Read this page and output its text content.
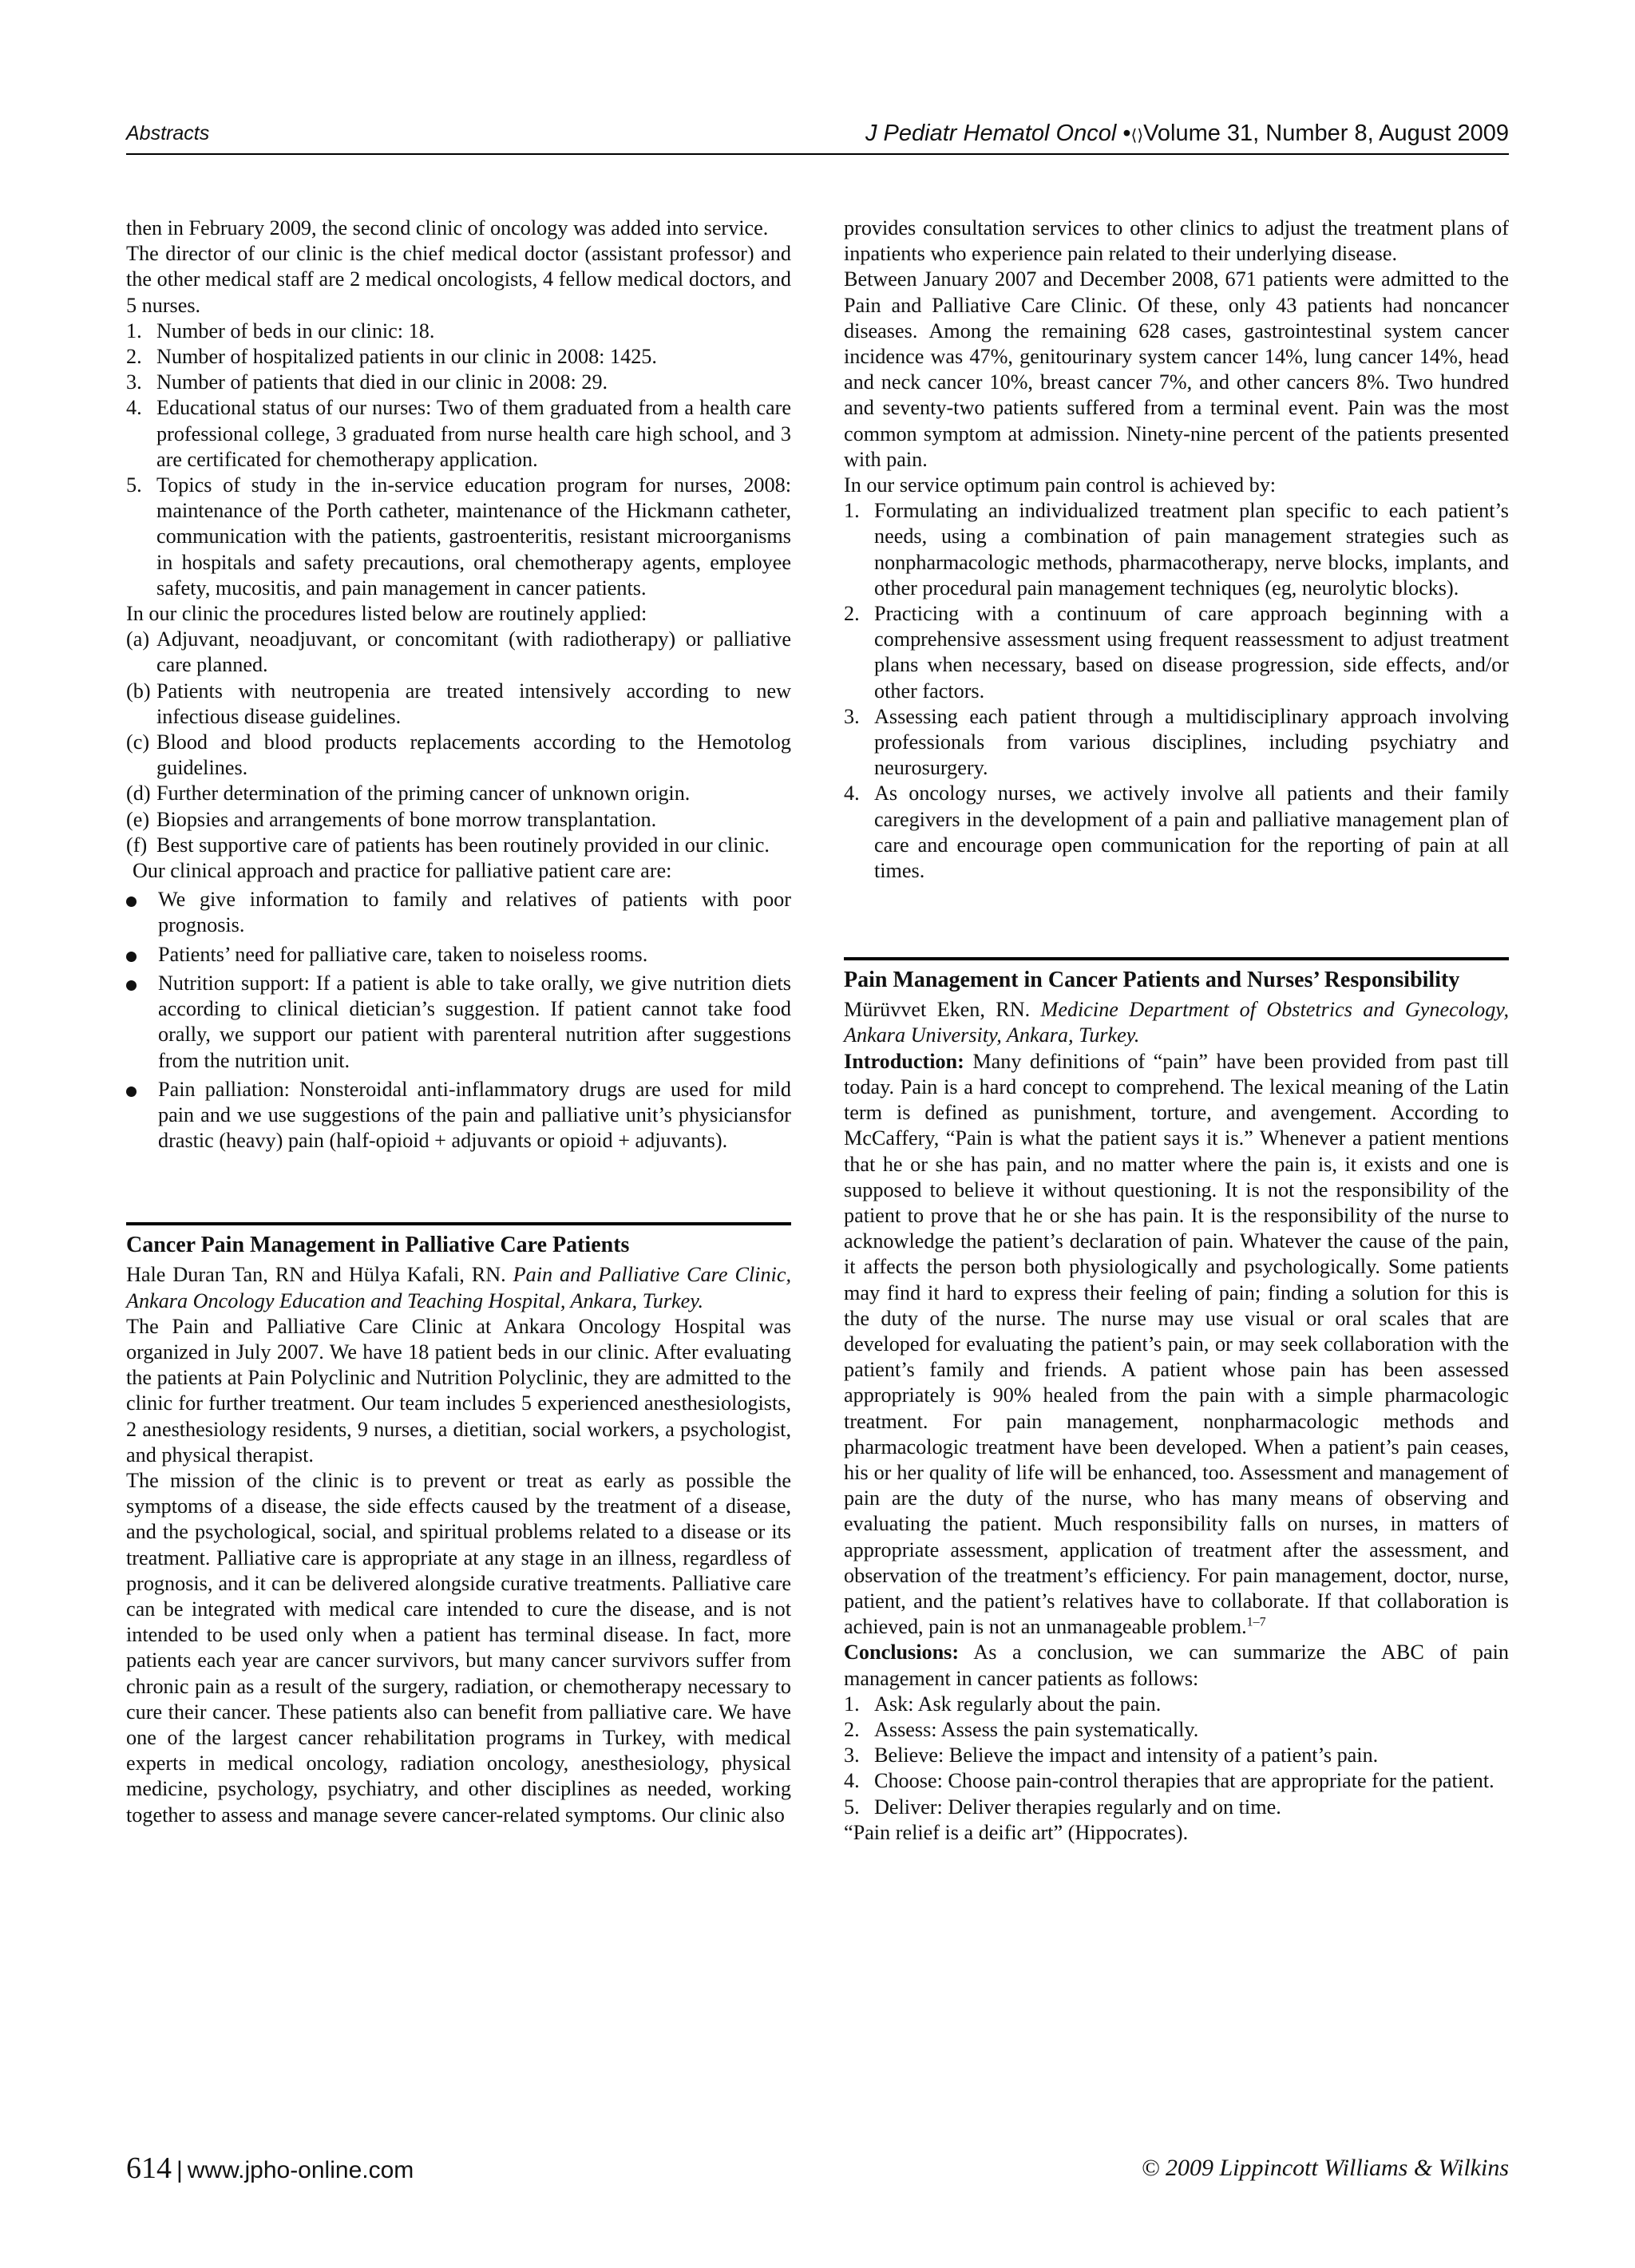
Abstracts	J Pediatr Hematol Oncol •⟨⟩Volume 31, Number 8, August 2009

then in February 2009, the second clinic of oncology was added into service.

The director of our clinic is the chief medical doctor (assistant professor) and the other medical staff are 2 medical oncologists, 4 fellow medical doctors, and 5 nurses.

1. Number of beds in our clinic: 18.
2. Number of hospitalized patients in our clinic in 2008: 1425.
3. Number of patients that died in our clinic in 2008: 29.
4. Educational status of our nurses: Two of them graduated from a health care professional college, 3 graduated from nurse health care high school, and 3 are certificated for chemotherapy application.
5. Topics of study in the in-service education program for nurses, 2008: maintenance of the Porth catheter, maintenance of the Hickmann catheter, communication with the patients, gastroenteritis, resistant microorganisms in hospitals and safety precautions, oral chemotherapy agents, employee safety, mucositis, and pain management in cancer patients.

In our clinic the procedures listed below are routinely applied:

(a) Adjuvant, neoadjuvant, or concomitant (with radiotherapy) or palliative care planned.
(b) Patients with neutropenia are treated intensively according to new infectious disease guidelines.
(c) Blood and blood products replacements according to the Hemotolog guidelines.
(d) Further determination of the priming cancer of unknown origin.
(e) Biopsies and arrangements of bone morrow transplantation.
(f) Best supportive care of patients has been routinely provided in our clinic.

Our clinical approach and practice for palliative patient care are:

We give information to family and relatives of patients with poor prognosis.
Patients’ need for palliative care, taken to noiseless rooms.
Nutrition support: If a patient is able to take orally, we give nutrition diets according to clinical dietician’s suggestion. If patient cannot take food orally, we support our patient with parenteral nutrition after suggestions from the nutrition unit.
Pain palliation: Nonsteroidal anti-inflammatory drugs are used for mild pain and we use suggestions of the pain and palliative unit’s physiciansfor drastic (heavy) pain (half-opioid + adjuvants or opioid + adjuvants).
Cancer Pain Management in Palliative Care Patients

Hale Duran Tan, RN and Hülya Kafali, RN. Pain and Palliative Care Clinic, Ankara Oncology Education and Teaching Hospital, Ankara, Turkey.

The Pain and Palliative Care Clinic at Ankara Oncology Hospital was organized in July 2007. We have 18 patient beds in our clinic. After evaluating the patients at Pain Polyclinic and Nutrition Polyclinic, they are admitted to the clinic for further treatment. Our team includes 5 experienced anesthesiologists, 2 anesthesiology residents, 9 nurses, a dietitian, social workers, a psychologist, and physical therapist.

The mission of the clinic is to prevent or treat as early as possible the symptoms of a disease, the side effects caused by the treatment of a disease, and the psychological, social, and spiritual problems related to a disease or its treatment. Palliative care is appropriate at any stage in an illness, regardless of prognosis, and it can be delivered alongside curative treatments. Palliative care can be integrated with medical care intended to cure the disease, and is not intended to be used only when a patient has terminal disease. In fact, more patients each year are cancer survivors, but many cancer survivors suffer from chronic pain as a result of the surgery, radiation, or chemotherapy necessary to cure their cancer. These patients also can benefit from palliative care. We have one of the largest cancer rehabilitation programs in Turkey, with medical experts in medical oncology, radiation oncology, anesthesiology, physical medicine, psychology, psychiatry, and other disciplines as needed, working together to assess and manage severe cancer-related symptoms. Our clinic also

provides consultation services to other clinics to adjust the treatment plans of inpatients who experience pain related to their underlying disease.

Between January 2007 and December 2008, 671 patients were admitted to the Pain and Palliative Care Clinic. Of these, only 43 patients had noncancer diseases. Among the remaining 628 cases, gastrointestinal system cancer incidence was 47%, genitourinary system cancer 14%, lung cancer 14%, head and neck cancer 10%, breast cancer 7%, and other cancers 8%. Two hundred and seventy-two patients suffered from a terminal event. Pain was the most common symptom at admission. Ninety-nine percent of the patients presented with pain.

In our service optimum pain control is achieved by:

1. Formulating an individualized treatment plan specific to each patient’s needs, using a combination of pain management strategies such as nonpharmacologic methods, pharmacotherapy, nerve blocks, implants, and other procedural pain management techniques (eg, neurolytic blocks).
2. Practicing with a continuum of care approach beginning with a comprehensive assessment using frequent reassessment to adjust treatment plans when necessary, based on disease progression, side effects, and/or other factors.
3. Assessing each patient through a multidisciplinary approach involving professionals from various disciplines, including psychiatry and neurosurgery.
4. As oncology nurses, we actively involve all patients and their family caregivers in the development of a pain and palliative management plan of care and encourage open communication for the reporting of pain at all times.
Pain Management in Cancer Patients and Nurses’ Responsibility

Mürüvvet Eken, RN. Medicine Department of Obstetrics and Gynecology, Ankara University, Ankara, Turkey.

Introduction: Many definitions of “pain” have been provided from past till today. Pain is a hard concept to comprehend. The lexical meaning of the Latin term is defined as punishment, torture, and avengement. According to McCaffery, “Pain is what the patient says it is.” Whenever a patient mentions that he or she has pain, and no matter where the pain is, it exists and one is supposed to believe it without questioning. It is not the responsibility of the patient to prove that he or she has pain. It is the responsibility of the nurse to acknowledge the patient’s declaration of pain. Whatever the cause of the pain, it affects the person both physiologically and psychologically. Some patients may find it hard to express their feeling of pain; finding a solution for this is the duty of the nurse. The nurse may use visual or oral scales that are developed for evaluating the patient’s pain, or may seek collaboration with the patient’s family and friends. A patient whose pain has been assessed appropriately is 90% healed from the pain with a simple pharmacologic treatment. For pain management, nonpharmacologic methods and pharmacologic treatment have been developed. When a patient’s pain ceases, his or her quality of life will be enhanced, too. Assessment and management of pain are the duty of the nurse, who has many means of observing and evaluating the patient. Much responsibility falls on nurses, in matters of appropriate assessment, application of treatment after the assessment, and observation of the treatment’s efficiency. For pain management, doctor, nurse, patient, and the patient’s relatives have to collaborate. If that collaboration is achieved, pain is not an unmanageable problem.$^{1-7}$

Conclusions: As a conclusion, we can summarize the ABC of pain management in cancer patients as follows:

1. Ask: Ask regularly about the pain.
2. Assess: Assess the pain systematically.
3. Believe: Believe the impact and intensity of a patient’s pain.
4. Choose: Choose pain-control therapies that are appropriate for the patient.
5. Deliver: Deliver therapies regularly and on time.

“Pain relief is a deific art” (Hippocrates).

614 | www.jpho-online.com	© 2009 Lippincott Williams & Wilkins
